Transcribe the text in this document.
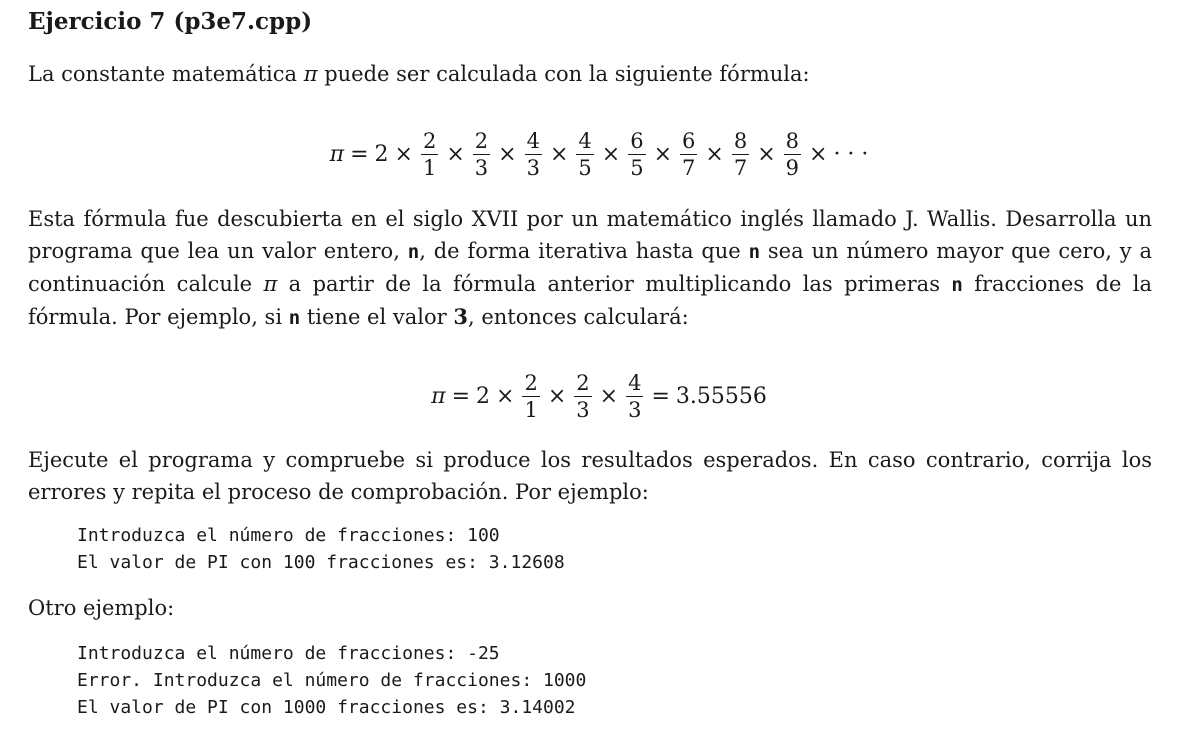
Ejercicio 7 (p3e7.cpp)
La constante matemática π puede ser calculada con la siguiente fórmula:
$\pi = 2 \times \frac{2}{1} \times \frac{2}{3} \times \frac{4}{3} \times \frac{4}{5} \times \frac{6}{5} \times \frac{6}{7} \times \frac{8}{7} \times \frac{8}{9}$ × · · ·
Esta fórmula fue descubierta en el siglo XVII por un matemático inglés llamado J. Wallis. Desarrolla un programa que lea un valor entero, n, de forma iterativa hasta que n sea un número mayor que cero, y a continuación calcule π a partir de la fórmula anterior multiplicando las primeras n fracciones de la fórmula. Por ejemplo, si n tiene el valor 3, entonces calculará:
$\pi = 2 \times \frac{2}{1} \times \frac{2}{3} \times \frac{4}{3} = 3.55556$
Ejecute el programa y compruebe si produce los resultados esperados. En caso contrario, corrija los errores y repita el proceso de comprobación. Por ejemplo:
Introduzca el número de fracciones: 100
El valor de PI con 100 fracciones es: 3.12608
Otro ejemplo:
Introduzca el número de fracciones: -25
Error. Introduzca el número de fracciones: 1000
El valor de PI con 1000 fracciones es: 3.14002
